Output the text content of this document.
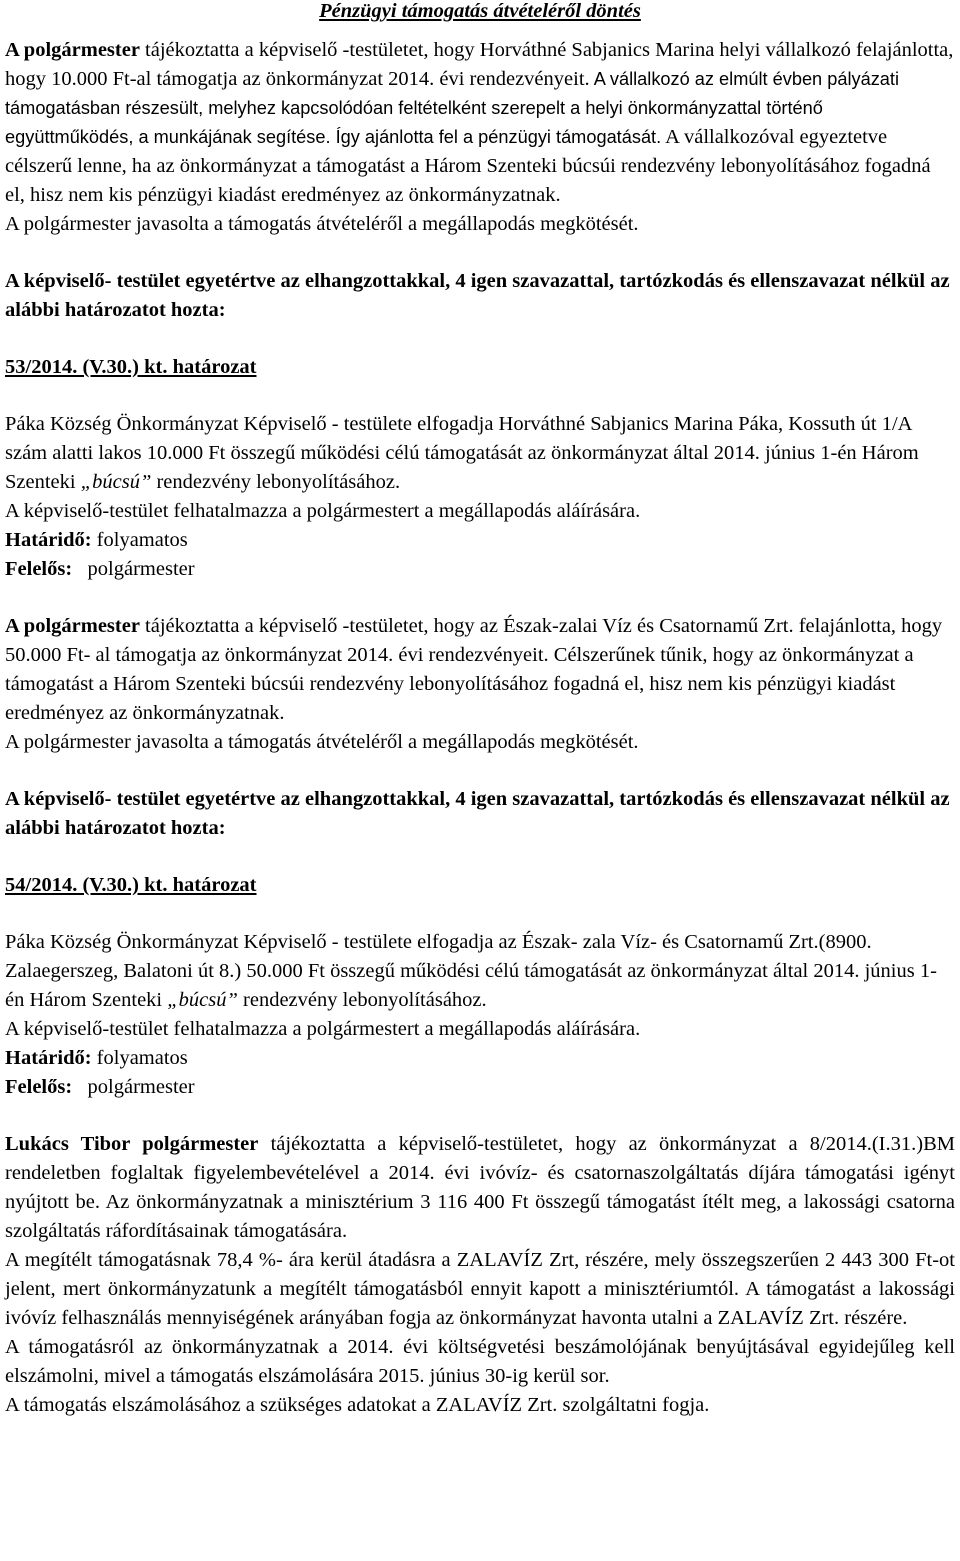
Pénzügyi támogatás átvételéről döntés

A polgármester tájékoztatta a képviselő -testületet, hogy Horváthné Sabjanics Marina helyi vállalkozó felajánlotta, hogy 10.000 Ft-al támogatja az önkormányzat 2014. évi rendezvényeit. A vállalkozó az elmúlt évben pályázati támogatásban részesült, melyhez kapcsolódóan feltételként szerepelt a helyi önkormányzattal történő együttműködés, a munkájának segítése. Így ajánlotta fel a pénzügyi támogatását. A vállalkozóval egyeztetve célszerű lenne, ha az önkormányzat a támogatást a Három Szenteki búcsúi rendezvény lebonyolításához fogadná el, hisz nem kis pénzügyi kiadást eredményez az önkormányzatnak.

A polgármester javasolta a támogatás átvételéről a megállapodás megkötését.

A képviselő- testület egyetértve az elhangzottakkal, 4 igen szavazattal, tartózkodás és ellenszavazat nélkül az alábbi határozatot hozta:

53/2014. (V.30.) kt. határozat

Páka Község Önkormányzat Képviselő - testülete elfogadja Horváthné Sabjanics Marina Páka, Kossuth út 1/A szám alatti lakos 10.000 Ft összegű működési célú támogatását az önkormányzat által 2014. június 1-én Három Szenteki „búcsú” rendezvény lebonyolításához.

A képviselő-testület felhatalmazza a polgármestert a megállapodás aláírására.

Határidő: folyamatos

Felelős:   polgármester

A polgármester tájékoztatta a képviselő -testületet, hogy az Észak-zalai Víz és Csatornamű Zrt. felajánlotta, hogy 50.000 Ft- al támogatja az önkormányzat 2014. évi rendezvényeit. Célszerűnek tűnik, hogy az önkormányzat a támogatást a Három Szenteki búcsúi rendezvény lebonyolításához fogadná el, hisz nem kis pénzügyi kiadást eredményez az önkormányzatnak.

A polgármester javasolta a támogatás átvételéről a megállapodás megkötését.

A képviselő- testület egyetértve az elhangzottakkal, 4 igen szavazattal, tartózkodás és ellenszavazat nélkül az alábbi határozatot hozta:

54/2014. (V.30.) kt. határozat

Páka Község Önkormányzat Képviselő - testülete elfogadja az Észak- zala Víz- és Csatornamű Zrt.(8900. Zalaegerszeg, Balatoni út 8.) 50.000 Ft összegű működési célú támogatását az önkormányzat által 2014. június 1-én Három Szenteki „búcsú” rendezvény lebonyolításához.

A képviselő-testület felhatalmazza a polgármestert a megállapodás aláírására.

Határidő: folyamatos

Felelős:   polgármester

Lukács Tibor polgármester tájékoztatta a képviselő-testületet, hogy az önkormányzat a 8/2014.(I.31.)BM rendeletben foglaltak figyelembevételével a 2014. évi ivóvíz- és csatornaszolgáltatás díjára támogatási igényt nyújtott be. Az önkormányzatnak a minisztérium 3 116 400 Ft összegű támogatást ítélt meg, a lakossági csatorna szolgáltatás ráfordításainak támogatására.

A megítélt támogatásnak 78,4 %- ára kerül átadásra a ZALAVÍZ Zrt, részére, mely összegszerűen 2 443 300 Ft-ot jelent, mert önkormányzatunk a megítélt támogatásból ennyit kapott a minisztériumtól. A támogatást a lakossági ivóvíz felhasználás mennyiségének arányában fogja az önkormányzat havonta utalni a ZALAVÍZ Zrt. részére.

A támogatásról az önkormányzatnak a 2014. évi költségvetési beszámolójának benyújtásával egyidejűleg kell elszámolni, mivel a támogatás elszámolására 2015. június 30-ig kerül sor.

A támogatás elszámolásához a szükséges adatokat a ZALAVÍZ Zrt. szolgáltatni fogja.
